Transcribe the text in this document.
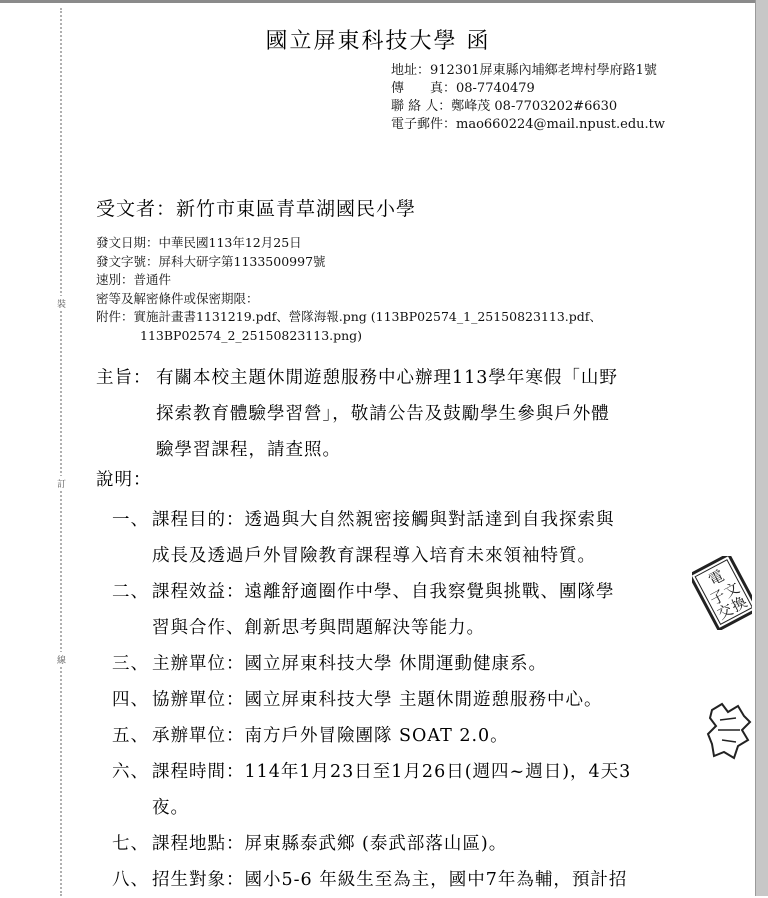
裝
訂
線
國立屏東科技大學 函
地址：912301屏東縣內埔鄉老埤村學府路1號
傳　　真：08-7740479
聯 絡 人：鄭峰茂 08-7703202#6630
電子郵件：mao660224@mail.npust.edu.tw
受文者：新竹市東區青草湖國民小學
發文日期：中華民國113年12月25日
發文字號：屏科大研字第1133500997號
速別：普通件
密等及解密條件或保密期限：
附件：實施計畫書1131219.pdf、營隊海報.png (113BP02574_1_25150823113.pdf、
113BP02574_2_25150823113.png)
主旨： 有關本校主題休閒遊憩服務中心辦理113學年寒假「山野
探索教育體驗學習營」，敬請公告及鼓勵學生參與戶外體
驗學習課程，請查照。
說明：
一、 課程目的：透過與大自然親密接觸與對話達到自我探索與
成長及透過戶外冒險教育課程導入培育未來領袖特質。
二、 課程效益：遠離舒適圈作中學、自我察覺與挑戰、團隊學
習與合作、創新思考與問題解決等能力。
三、 主辦單位：國立屏東科技大學 休閒運動健康系。
四、 協辦單位：國立屏東科技大學 主題休閒遊憩服務中心。
五、 承辦單位：南方戶外冒險團隊 SOAT 2.0。
六、 課程時間：114年1月23日至1月26日(週四~週日)，4天3
夜。
七、 課程地點：屏東縣泰武鄉 (泰武部落山區)。
八、 招生對象：國小5-6 年級生至為主，國中7年為輔，預計招
電
子
文
交
換
